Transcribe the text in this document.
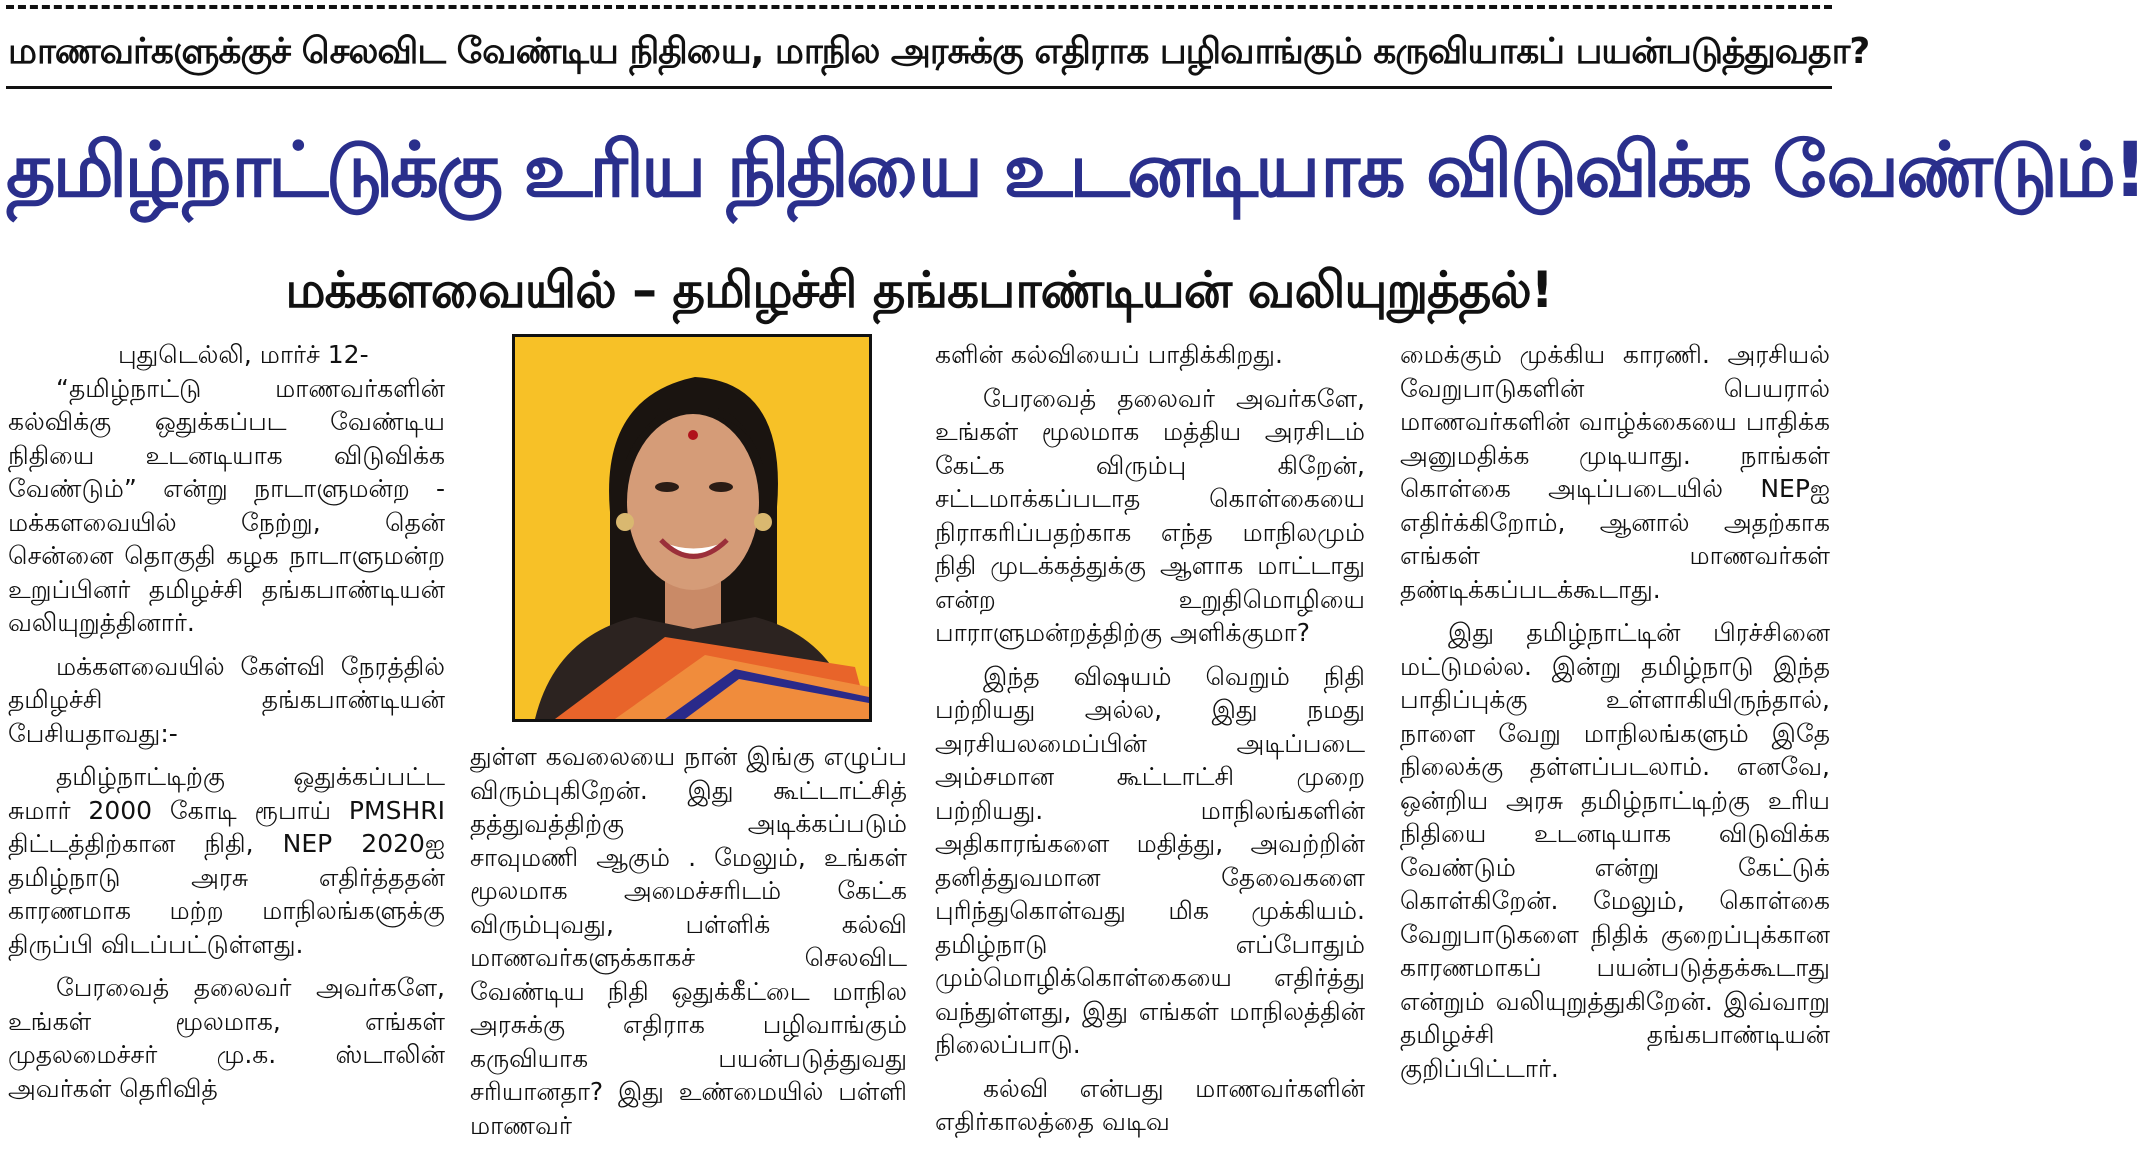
மாணவர்களுக்குச் செலவிட வேண்டிய நிதியை, மாநில அரசுக்கு எதிராக பழிவாங்கும் கருவியாகப் பயன்படுத்துவதா?
தமிழ்நாட்டுக்கு உரிய நிதியை உடனடியாக விடுவிக்க வேண்டும்!
மக்களவையில் – தமிழச்சி தங்கபாண்டியன் வலியுறுத்தல்!
புதுடெல்லி, மார்ச் 12-

“தமிழ்நாட்டு மாணவர்களின் கல்விக்கு ஒதுக்கப்பட வேண்டிய நிதியை உடனடியாக விடுவிக்க வேண்டும்” என்று நாடாளுமன்ற - மக்களவையில் நேற்று, தென் சென்னை தொகுதி கழக நாடாளுமன்ற உறுப்பினர் தமிழச்சி தங்கபாண்டியன் வலியுறுத்தினார்.

மக்களவையில் கேள்வி நேரத்தில் தமிழச்சி தங்கபாண்டியன் பேசியதாவது:-

தமிழ்நாட்டிற்கு ஒதுக்கப்பட்ட சுமார் 2000 கோடி ரூபாய் PMSHRI திட்டத்திற்கான நிதி, NEP 2020ஐ தமிழ்நாடு அரசு எதிர்த்ததன் காரணமாக மற்ற மாநிலங்களுக்கு திருப்பி விடப்பட்டுள்ளது.

பேரவைத் தலைவர் அவர்களே, உங்கள் மூலமாக, எங்கள் முதலமைச்சர் மு.க. ஸ்டாலின் அவர்கள் தெரிவித்

துள்ள கவலையை நான் இங்கு எழுப்ப விரும்புகிறேன். இது கூட்டாட்சித் தத்துவத்திற்கு அடிக்கப்படும் சாவுமணி ஆகும் . மேலும், உங்கள் மூலமாக அமைச்சரிடம் கேட்க விரும்புவது, பள்ளிக் கல்வி மாணவர்களுக்காகச் செலவிட வேண்டிய நிதி ஒதுக்கீட்டை மாநில அரசுக்கு எதிராக பழிவாங்கும் கருவியாக பயன்படுத்துவது சரியானதா? இது உண்மையில் பள்ளி மாணவர்

களின் கல்வியைப் பாதிக்கிறது.

பேரவைத் தலைவர் அவர்களே, உங்கள் மூலமாக மத்திய அரசிடம் கேட்க விரும்பு கிறேன், சட்டமாக்கப்படாத கொள்கையை நிராகரிப்பதற்காக எந்த மாநிலமும் நிதி முடக்கத்துக்கு ஆளாக மாட்டாது என்ற உறுதிமொழியை பாராளுமன்றத்திற்கு அளிக்குமா?

இந்த விஷயம் வெறும் நிதி பற்றியது அல்ல, இது நமது அரசியலமைப்பின் அடிப்படை அம்சமான கூட்டாட்சி முறை பற்றியது. மாநிலங்களின் அதிகாரங்களை மதித்து, அவற்றின் தனித்துவமான தேவைகளை புரிந்துகொள்வது மிக முக்கியம். தமிழ்நாடு எப்போதும் மும்மொழிக்கொள்கையை எதிர்த்து வந்துள்ளது, இது எங்கள் மாநிலத்தின் நிலைப்பாடு.

கல்வி என்பது மாணவர்களின் எதிர்காலத்தை வடிவ

மைக்கும் முக்கிய காரணி. அரசியல் வேறுபாடுகளின் பெயரால் மாணவர்களின் வாழ்க்கையை பாதிக்க அனுமதிக்க முடியாது. நாங்கள் கொள்கை அடிப்படையில் NEPஐ எதிர்க்கிறோம், ஆனால் அதற்காக எங்கள் மாணவர்கள் தண்டிக்கப்படக்கூடாது.

இது தமிழ்நாட்டின் பிரச்சினை மட்டுமல்ல. இன்று தமிழ்நாடு இந்த பாதிப்புக்கு உள்ளாகியிருந்தால், நாளை வேறு மாநிலங்களும் இதே நிலைக்கு தள்ளப்படலாம். எனவே, ஒன்றிய அரசு தமிழ்நாட்டிற்கு உரிய நிதியை உடனடியாக விடுவிக்க வேண்டும் என்று கேட்டுக் கொள்கிறேன். மேலும், கொள்கை வேறுபாடுகளை நிதிக் குறைப்புக்கான காரணமாகப் பயன்படுத்தக்கூடாது என்றும் வலியுறுத்துகிறேன். இவ்வாறு தமிழச்சி தங்கபாண்டியன் குறிப்பிட்டார்.
